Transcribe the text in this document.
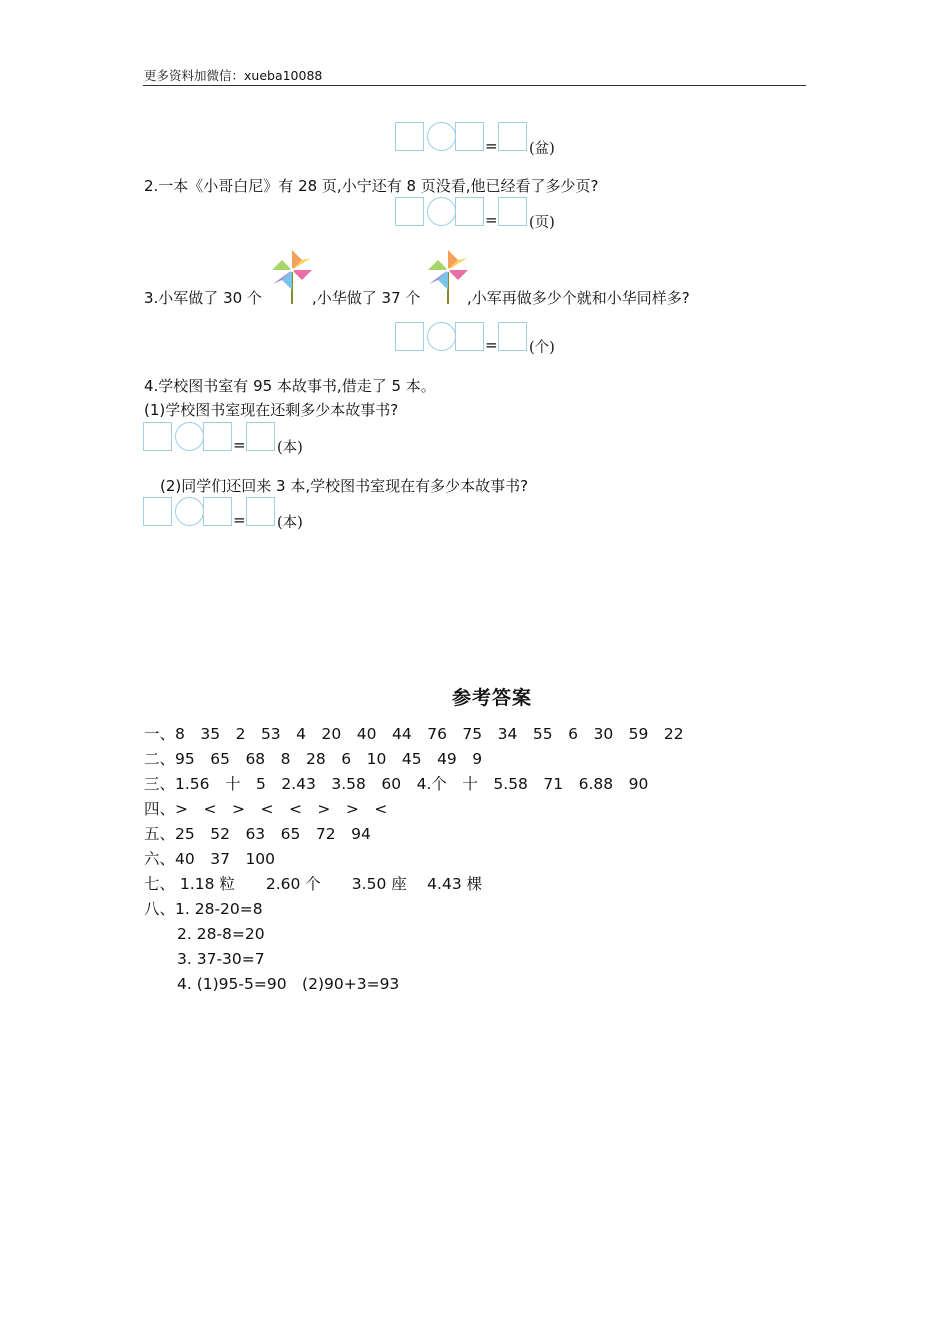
更多资料加微信：xueba10088
= (盆)
2.一本《小哥白尼》有 28 页,小宁还有 8 页没看,他已经看了多少页?
= (页)
3.小军做了 30 个	,小华做了 37 个	,小军再做多少个就和小华同样多?
= (个)
4.学校图书室有 95 本故事书,借走了 5 本。
(1)学校图书室现在还剩多少本故事书?
= (本)
(2)同学们还回来 3 本,学校图书室现在有多少本故事书?
= (本)
参考答案
一、8　35　2　53　4　20　40　44　76　75　34　55　6　30　59　22
二、95　65　68　8　28　6　10　45　49　9
三、1.56　十　5　2.43　3.58　60　4.个　十　5.58　71　6.88　90
四、>　<　>　<　<　>　>　<
五、25　52　63　65　72　94
六、40　37　100
七、 1.18 粒　　2.60 个　　3.50 座　 4.43 棵
八、1. 28-20=8
2. 28-8=20
3. 37-30=7
4. (1)95-5=90　(2)90+3=93
